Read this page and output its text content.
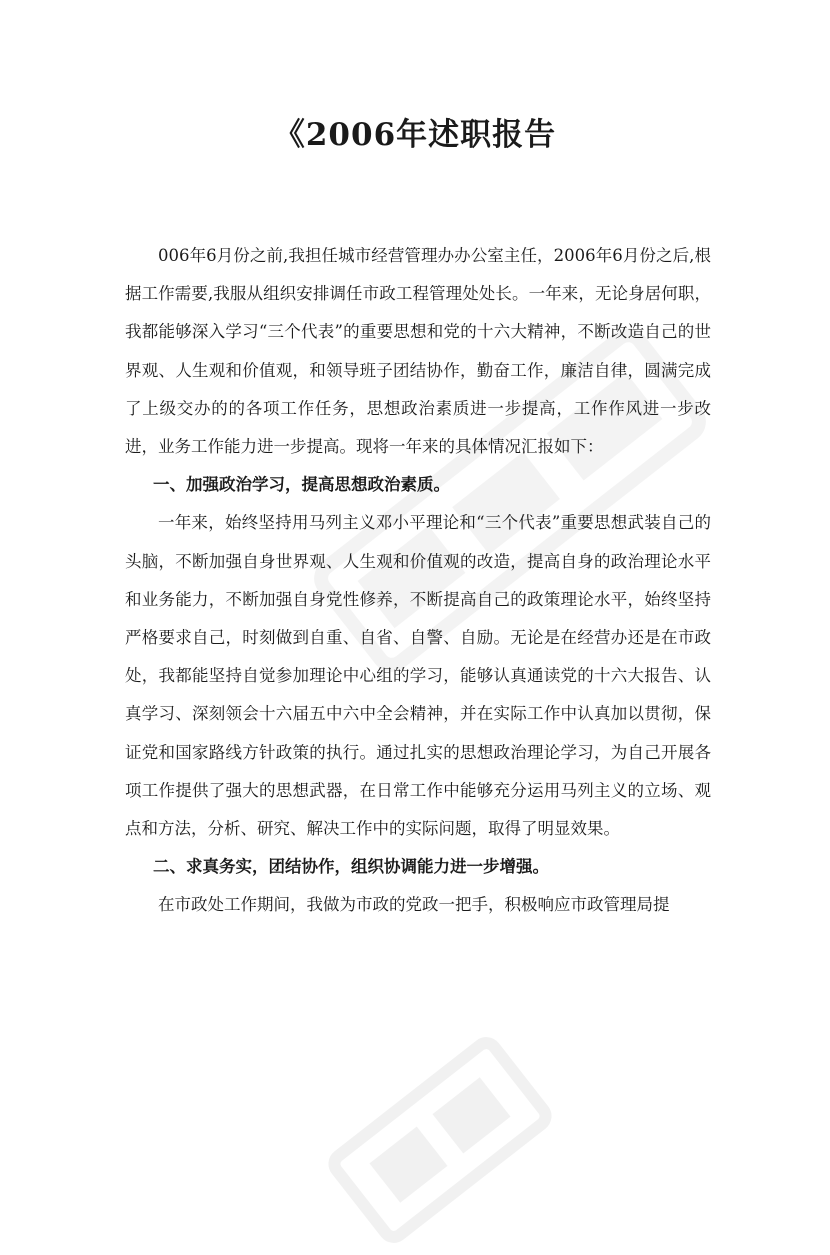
《2006年述职报告

006年6月份之前,我担任城市经营管理办办公室主任，2006年6月份之后,根据工作需要,我服从组织安排调任市政工程管理处处长。一年来，无论身居何职，我都能够深入学习“三个代表”的重要思想和党的十六大精神，不断改造自己的世界观、人生观和价值观，和领导班子团结协作，勤奋工作，廉洁自律，圆满完成了上级交办的的各项工作任务，思想政治素质进一步提高，工作作风进一步改进，业务工作能力进一步提高。现将一年来的具体情况汇报如下：

一、加强政治学习，提高思想政治素质。

一年来，始终坚持用马列主义邓小平理论和“三个代表”重要思想武装自己的头脑，不断加强自身世界观、人生观和价值观的改造，提高自身的政治理论水平和业务能力，不断加强自身党性修养，不断提高自己的政策理论水平，始终坚持严格要求自己，时刻做到自重、自省、自警、自励。无论是在经营办还是在市政处，我都能坚持自觉参加理论中心组的学习，能够认真通读党的十六大报告、认真学习、深刻领会十六届五中六中全会精神，并在实际工作中认真加以贯彻，保证党和国家路线方针政策的执行。通过扎实的思想政治理论学习，为自己开展各项工作提供了强大的思想武器，在日常工作中能够充分运用马列主义的立场、观点和方法，分析、研究、解决工作中的实际问题，取得了明显效果。

二、求真务实，团结协作，组织协调能力进一步增强。

在市政处工作期间，我做为市政的党政一把手，积极响应市政管理局提
